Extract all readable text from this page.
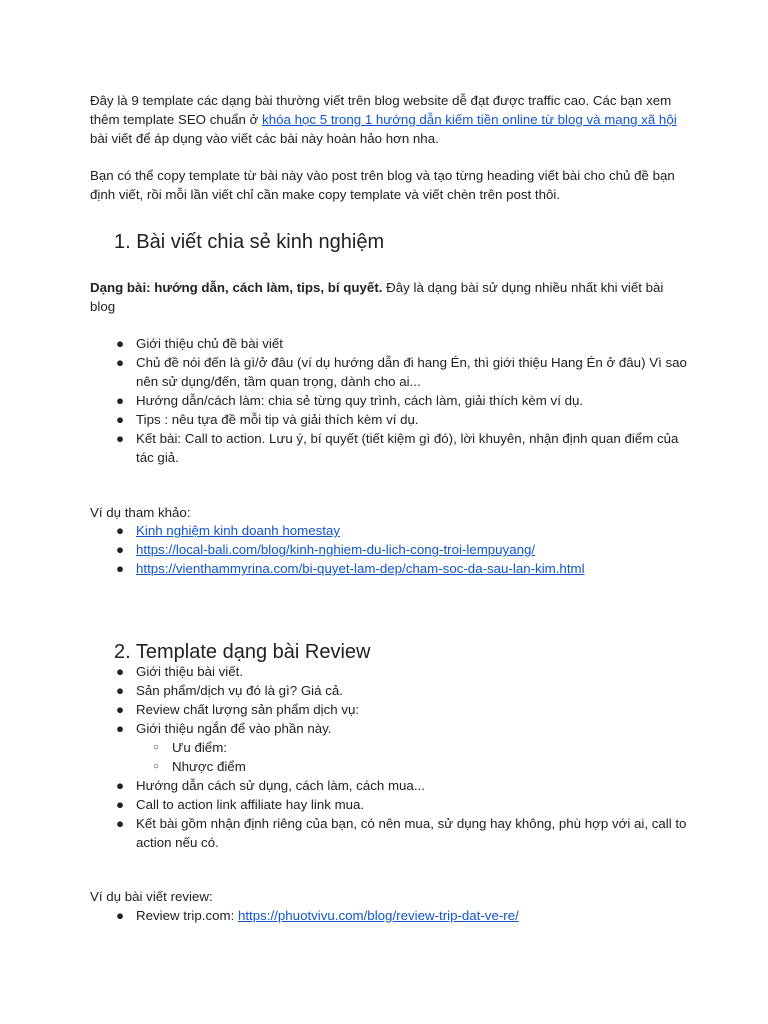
Đây là 9 template các dạng bài thường viết trên blog website dễ đạt được traffic cao. Các bạn xem thêm template SEO chuẩn ở khóa học 5 trong 1 hướng dẫn kiếm tiền online từ blog và mạng xã hội bài viết để áp dụng vào viết các bài này hoàn hảo hơn nha.

Bạn có thể copy template từ bài này vào post trên blog và tạo từng heading viết bài cho chủ đề bạn định viết, rồi mỗi lần viết chỉ cần make copy template và viết chèn trên post thôi.

1. Bài viết chia sẻ kinh nghiệm

Dạng bài: hướng dẫn, cách làm, tips, bí quyết. Đây là dạng bài sử dụng nhiều nhất khi viết bài blog

● Giới thiệu chủ đề bài viết
● Chủ đề nói đến là gì/ở đâu (ví dụ hướng dẫn đi hang Én, thì giới thiệu Hang Én ở đâu) Vì sao nên sử dụng/đến, tầm quan trọng, dành cho ai...
● Hướng dẫn/cách làm: chia sẻ từng quy trình, cách làm, giải thích kèm ví dụ.
● Tips : nêu tựa đề mỗi tip và giải thích kèm ví dụ.
● Kết bài: Call to action. Lưu ý, bí quyết (tiết kiệm gì đó), lời khuyên, nhận định quan điểm của tác giả.

Ví dụ tham khảo:

● Kinh nghiệm kinh doanh homestay
● https://local-bali.com/blog/kinh-nghiem-du-lich-cong-troi-lempuyang/
● https://vienthammyrina.com/bi-quyet-lam-dep/cham-soc-da-sau-lan-kim.html
2. Template dạng bài Review
● Giới thiệu bài viết.
● Sản phẩm/dịch vụ đó là gì? Giá cả.
● Review chất lượng sản phẩm dịch vụ:
● Giới thiệu ngắn để vào phần này.
○ Ưu điểm:
○ Nhược điểm
● Hướng dẫn cách sử dụng, cách làm, cách mua...
● Call to action link affiliate hay link mua.
● Kết bài gồm nhận định riêng của bạn, có nên mua, sử dụng hay không, phù hợp với ai, call to action nếu có.

Ví dụ bài viết review:

● Review trip.com: https://phuotvivu.com/blog/review-trip-dat-ve-re/
